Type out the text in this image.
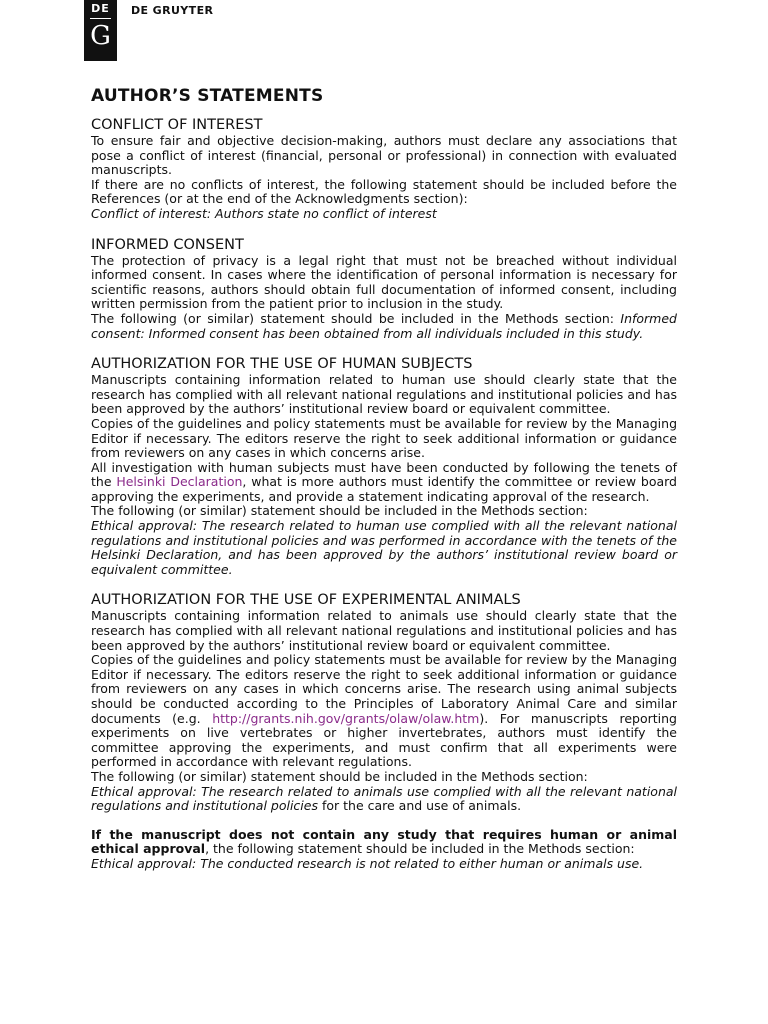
DE
G
DE GRUYTER
AUTHOR’S STATEMENTS
CONFLICT OF INTEREST

To ensure fair and objective decision-making, authors must declare any associations that pose a conflict of interest (financial, personal or professional) in connection with evaluated manuscripts.

If there are no conflicts of interest, the following statement should be included before the References (or at the end of the Acknowledgments section):

Conflict of interest: Authors state no conflict of interest

INFORMED CONSENT

The protection of privacy is a legal right that must not be breached without individual informed consent. In cases where the identification of personal information is necessary for scientific reasons, authors should obtain full documentation of informed consent, including written permission from the patient prior to inclusion in the study.

The following (or similar) statement should be included in the Methods section: Informed consent: Informed consent has been obtained from all individuals included in this study.

AUTHORIZATION FOR THE USE OF HUMAN SUBJECTS

Manuscripts containing information related to human use should clearly state that the research has complied with all relevant national regulations and institutional policies and has been approved by the authors’ institutional review board or equivalent committee.

Copies of the guidelines and policy statements must be available for review by the Managing Editor if necessary. The editors reserve the right to seek additional information or guidance from reviewers on any cases in which concerns arise.

All investigation with human subjects must have been conducted by following the tenets of the Helsinki Declaration, what is more authors must identify the committee or review board approving the experiments, and provide a statement indicating approval of the research.

The following (or similar) statement should be included in the Methods section:

Ethical approval: The research related to human use complied with all the relevant national regulations and institutional policies and was performed in accordance with the tenets of the Helsinki Declaration, and has been approved by the authors’ institutional review board or equivalent committee.

AUTHORIZATION FOR THE USE OF EXPERIMENTAL ANIMALS

Manuscripts containing information related to animals use should clearly state that the research has complied with all relevant national regulations and institutional policies and has been approved by the authors’ institutional review board or equivalent committee.

Copies of the guidelines and policy statements must be available for review by the Managing Editor if necessary. The editors reserve the right to seek additional information or guidance from reviewers on any cases in which concerns arise. The research using animal subjects should be conducted according to the Principles of Laboratory Animal Care and similar documents (e.g. http://grants.nih.gov/grants/olaw/olaw.htm). For manuscripts reporting experiments on live vertebrates or higher invertebrates, authors must identify the committee approving the experiments, and must confirm that all experiments were performed in accordance with relevant regulations.

The following (or similar) statement should be included in the Methods section:

Ethical approval: The research related to animals use complied with all the relevant national regulations and institutional policies for the care and use of animals.

If the manuscript does not contain any study that requires human or animal ethical approval, the following statement should be included in the Methods section:

Ethical approval: The conducted research is not related to either human or animals use.
